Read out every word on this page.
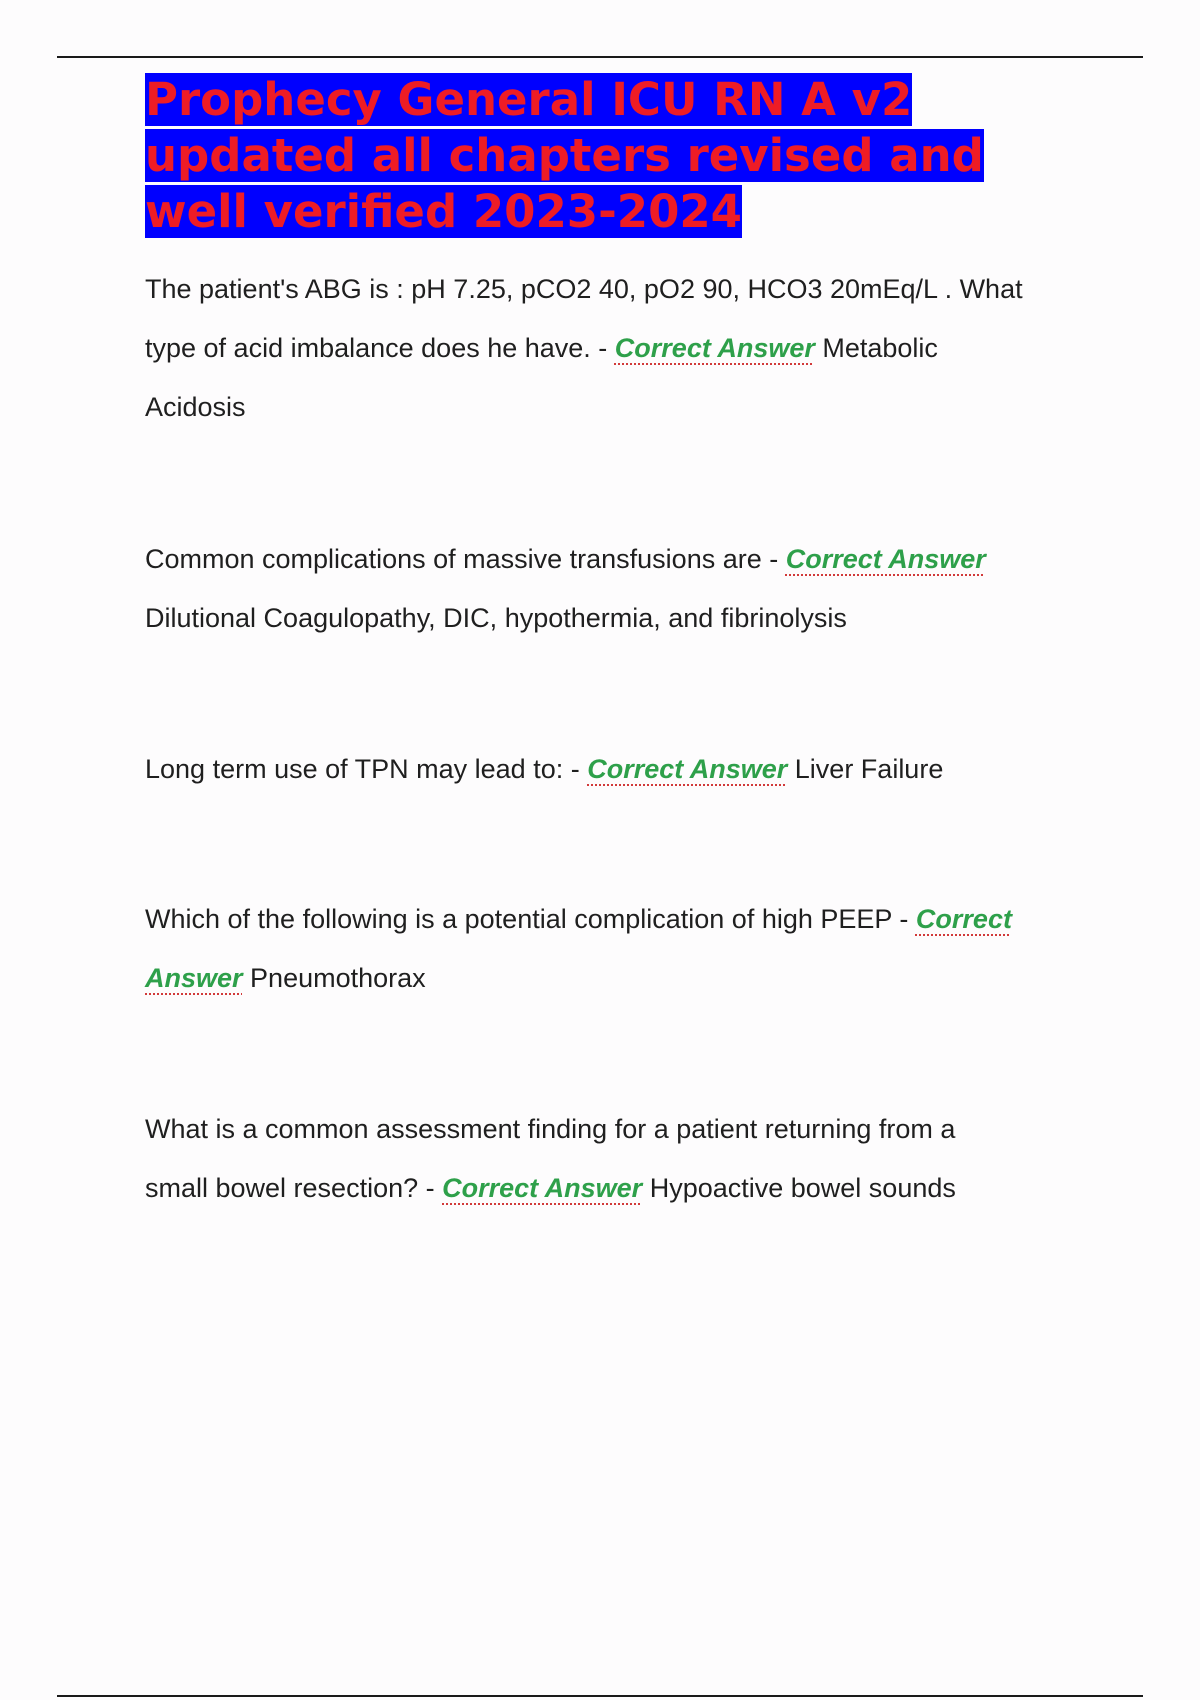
Prophecy General ICU RN A v2
updated all chapters revised and
well verified 2023-2024
The patient's ABG is : pH 7.25, pCO2 40, pO2 90, HCO3 20mEq/L . What
type of acid imbalance does he have. - Correct Answer Metabolic
Acidosis
Common complications of massive transfusions are - Correct Answer
Dilutional Coagulopathy, DIC, hypothermia, and fibrinolysis
Long term use of TPN may lead to: - Correct Answer Liver Failure
Which of the following is a potential complication of high PEEP - Correct
Answer Pneumothorax
What is a common assessment finding for a patient returning from a
small bowel resection? - Correct Answer Hypoactive bowel sounds
